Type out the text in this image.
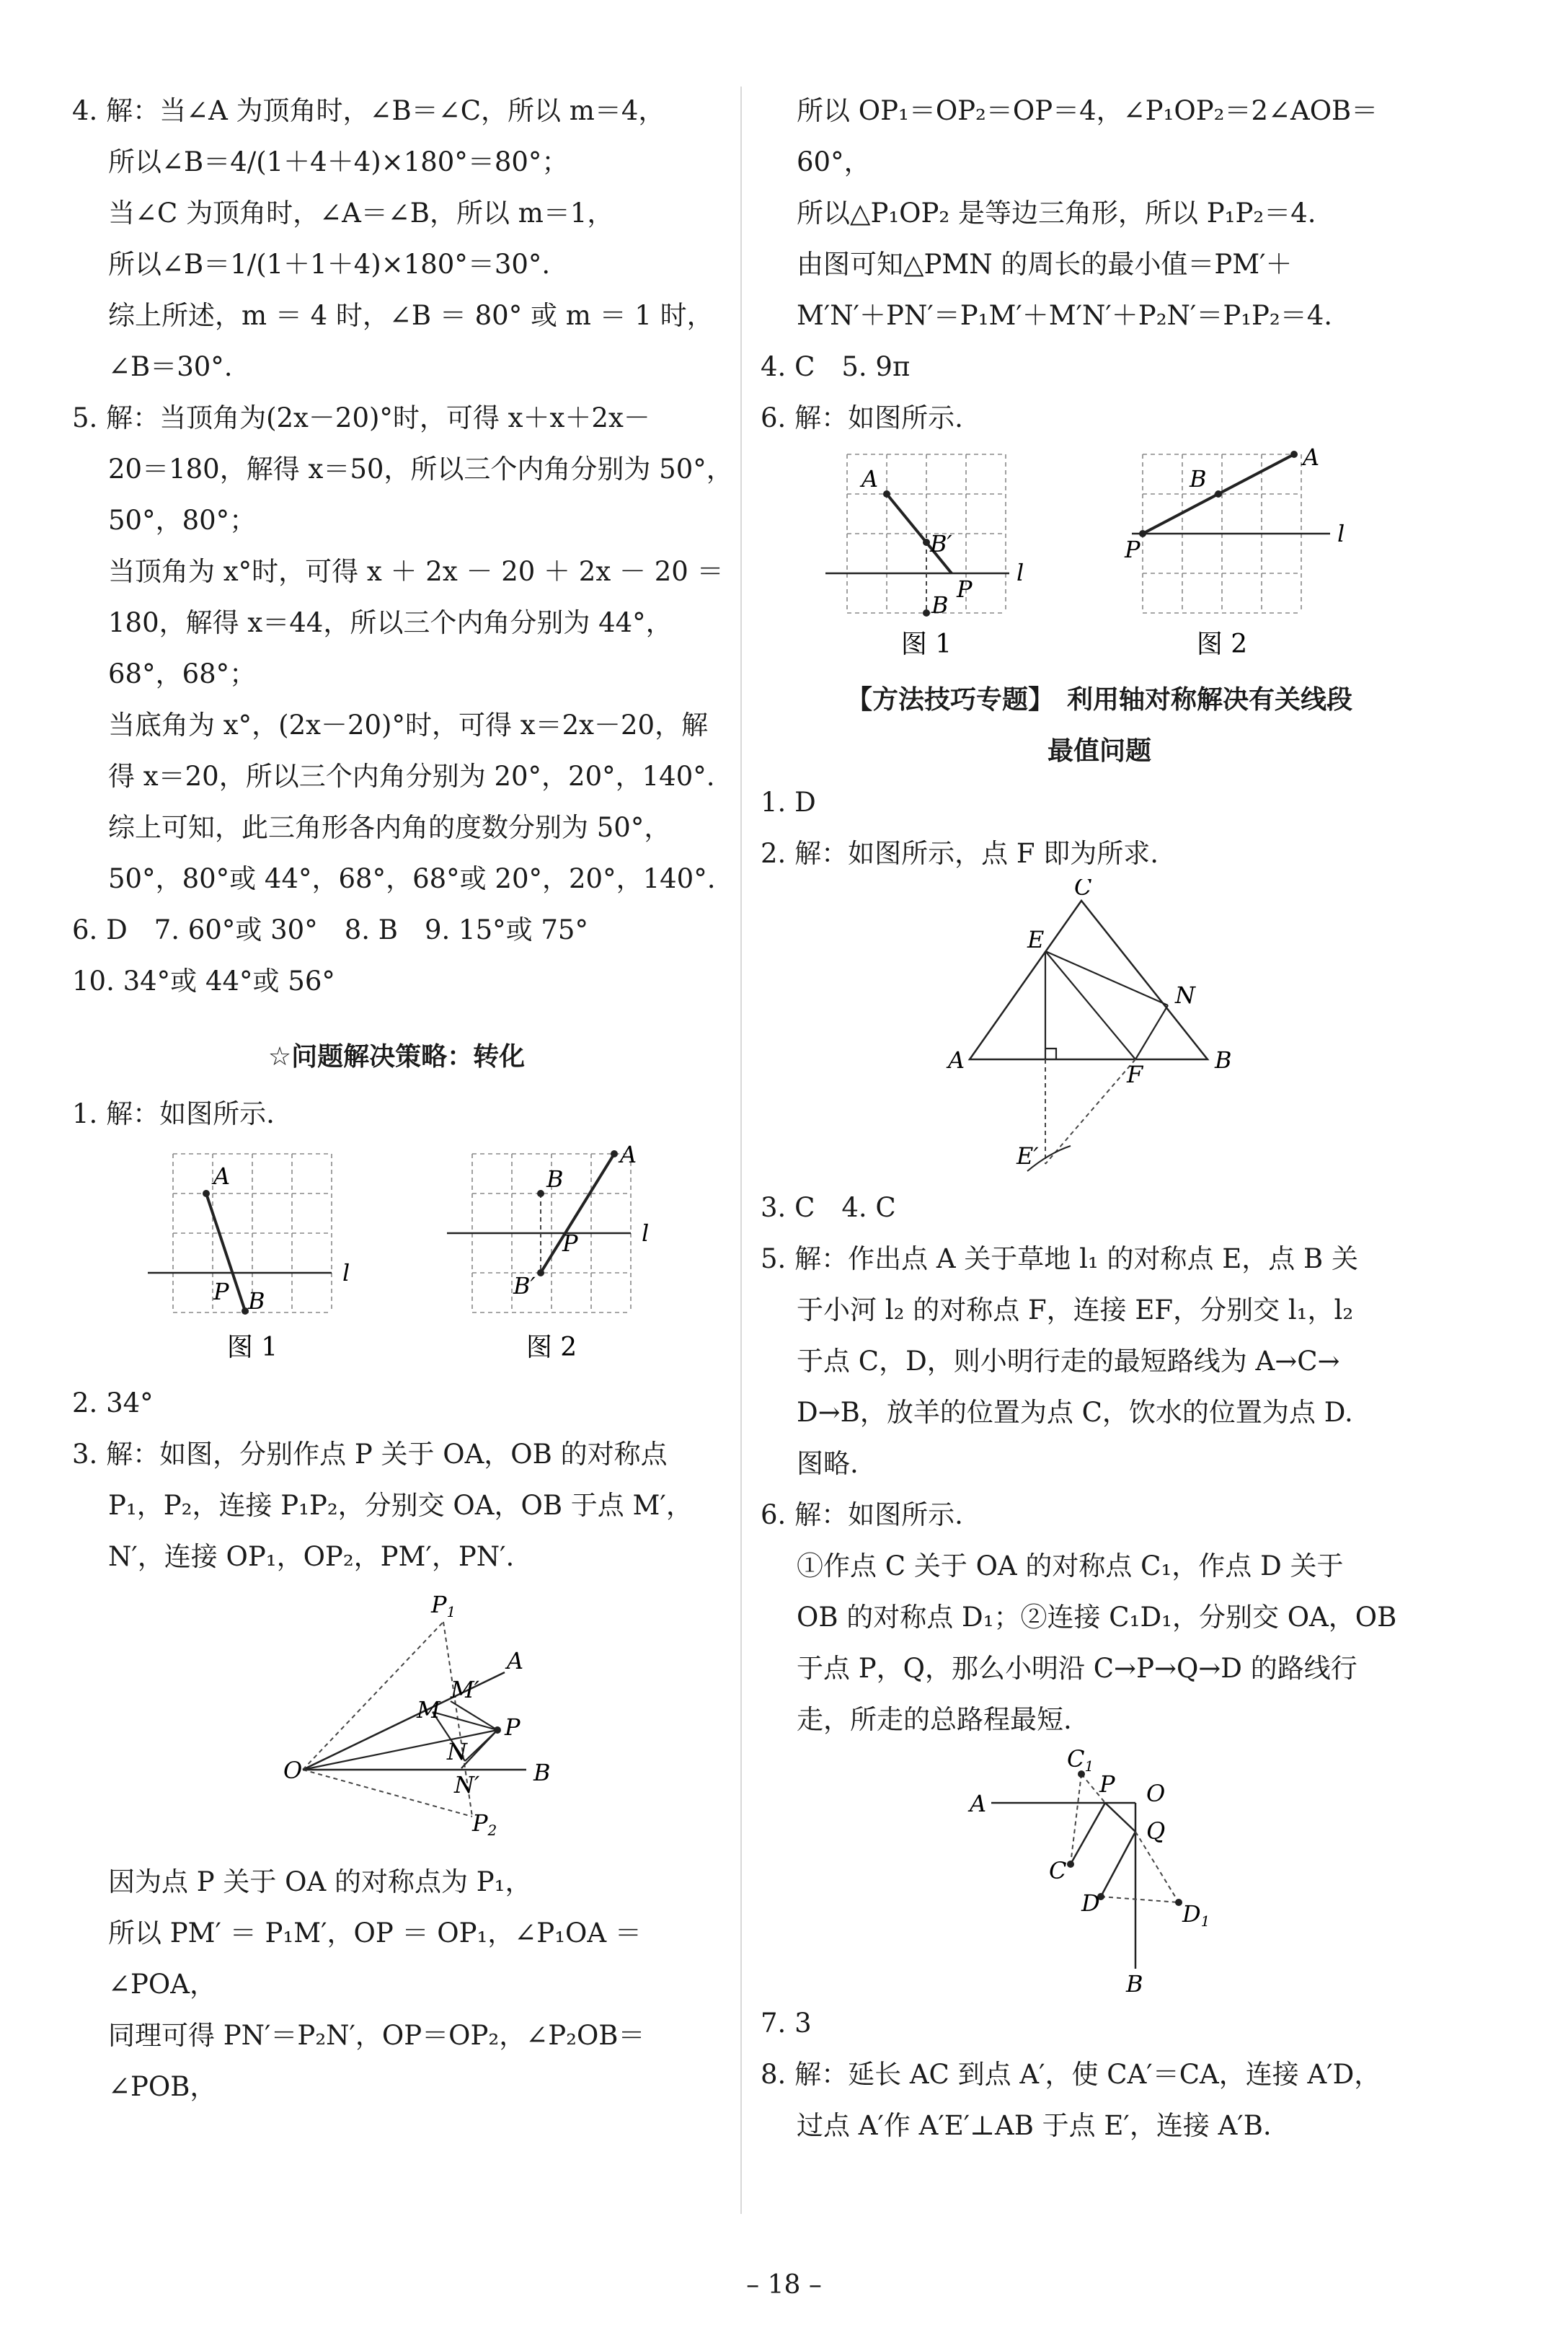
4. 解：当∠A 为顶角时，∠B＝∠C，所以 m＝4，

所以∠B＝4/(1＋4＋4)×180°＝80°；

当∠C 为顶角时，∠A＝∠B，所以 m＝1，

所以∠B＝1/(1＋1＋4)×180°＝30°.

综上所述，m ＝ 4 时，∠B ＝ 80° 或 m ＝ 1 时，

∠B＝30°.

5. 解：当顶角为(2x－20)°时，可得 x＋x＋2x－

20＝180，解得 x＝50，所以三个内角分别为 50°，

50°，80°；

当顶角为 x°时，可得 x ＋ 2x － 20 ＋ 2x － 20 ＝

180，解得 x＝44，所以三个内角分别为 44°，

68°，68°；

当底角为 x°，(2x－20)°时，可得 x＝2x－20，解

得 x＝20，所以三个内角分别为 20°，20°，140°.

综上可知，此三角形各内角的度数分别为 50°，

50°，80°或 44°，68°，68°或 20°，20°，140°.

6. D　7. 60°或 30°　8. B　9. 15°或 75°

10. 34°或 44°或 56°

☆问题解决策略：转化

1. 解：如图所示.

A
P B
l
图 1
B
A
P
B′
l
图 2

2. 34°

3. 解：如图，分别作点 P 关于 OA，OB 的对称点

P₁，P₂，连接 P₁P₂，分别交 OA，OB 于点 M′，

N′，连接 OP₁，OP₂，PM′，PN′.

O
P1
A
M′
M
P
N
N′ B
P2

因为点 P 关于 OA 的对称点为 P₁，

所以 PM′ ＝ P₁M′，OP ＝ OP₁，∠P₁OA ＝

∠POA，

同理可得 PN′＝P₂N′，OP＝OP₂，∠P₂OB＝

∠POB，

所以 OP₁＝OP₂＝OP＝4，∠P₁OP₂＝2∠AOB＝

60°，

所以△P₁OP₂ 是等边三角形，所以 P₁P₂＝4.

由图可知△PMN 的周长的最小值＝PM′＋

M′N′＋PN′＝P₁M′＋M′N′＋P₂N′＝P₁P₂＝4.

4. C　5. 9π

6. 解：如图所示.

A
B′
P
B
l
图 1
B
A
P
l
图 2

【方法技巧专题】　利用轴对称解决有关线段

最值问题

1. D

2. 解：如图所示，点 F 即为所求.

C
E
N
A	B
F
E′

3. C　4. C

5. 解：作出点 A 关于草地 l₁ 的对称点 E，点 B 关

于小河 l₂ 的对称点 F，连接 EF，分别交 l₁，l₂

于点 C，D，则小明行走的最短路线为 A→C→

D→B，放羊的位置为点 C，饮水的位置为点 D.

图略.

6. 解：如图所示.

①作点 C 关于 OA 的对称点 C₁，作点 D 关于

OB 的对称点 D₁；②连接 C₁D₁，分别交 OA，OB

于点 P，Q，那么小明沿 C→P→Q→D 的路线行

走，所走的总路程最短.

C1
P O
A
Q
C
D	D1
B

7. 3

8. 解：延长 AC 到点 A′，使 CA′＝CA，连接 A′D，

过点 A′作 A′E′⊥AB 于点 E′，连接 A′B.

– 18 –
